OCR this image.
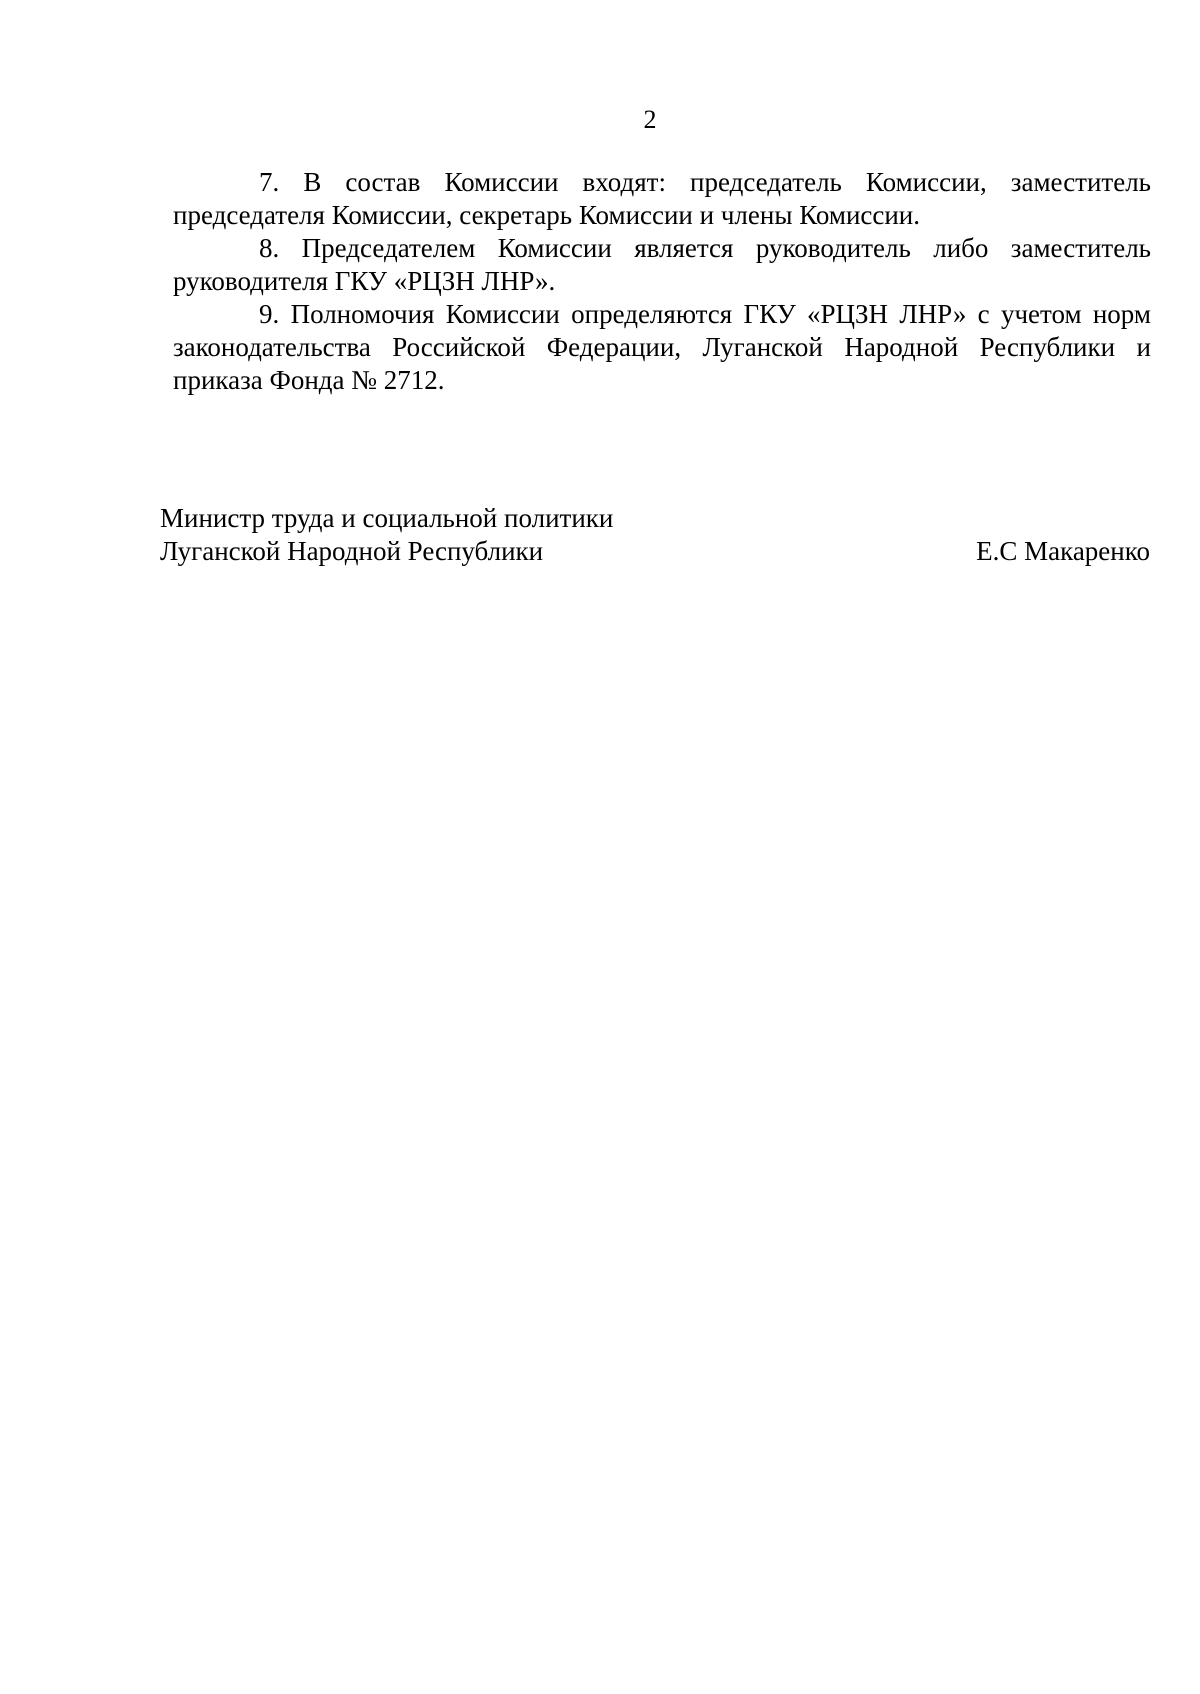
2

7. В состав Комиссии входят: председатель Комиссии, заместитель председателя Комиссии, секретарь Комиссии и члены Комиссии.

8. Председателем Комиссии является руководитель либо заместитель руководителя ГКУ «РЦЗН ЛНР».

9. Полномочия Комиссии определяются ГКУ «РЦЗН ЛНР» с учетом норм законодательства Российской Федерации, Луганской Народной Республики и приказа Фонда № 2712.

Министр труда и социальной политики
Луганской Народной Республики	Е.С Макаренко
